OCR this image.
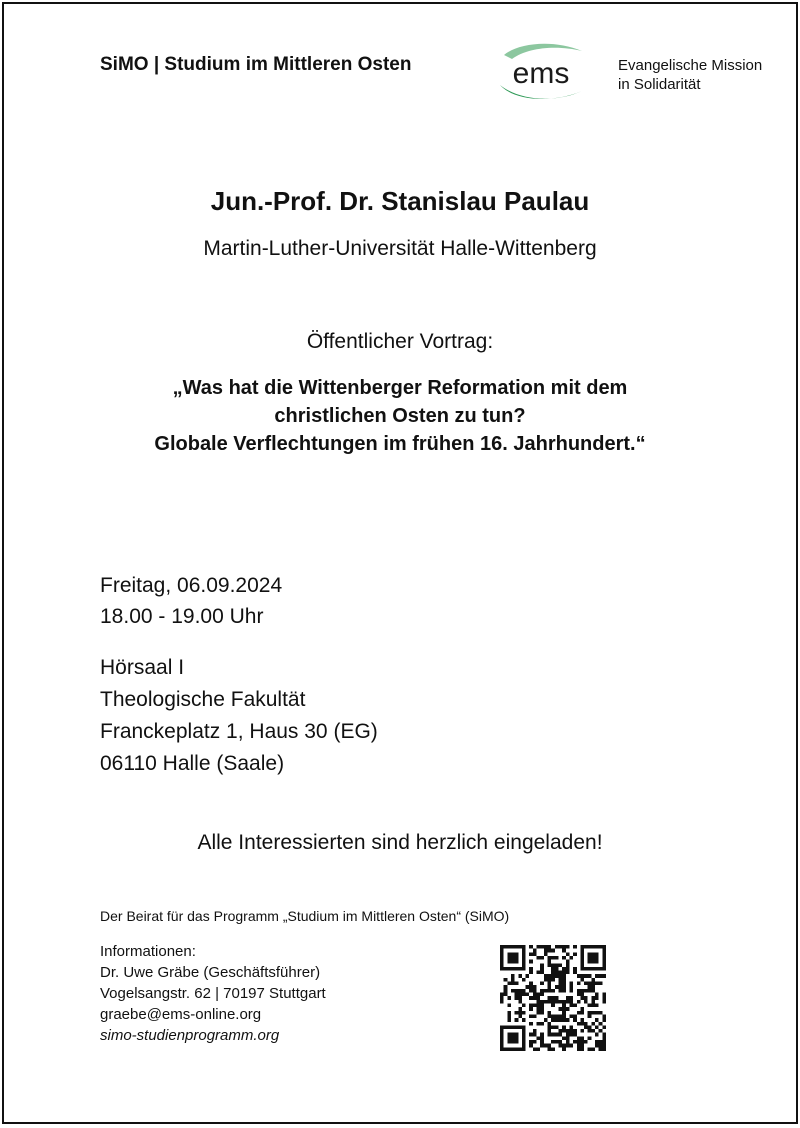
SiMO | Studium im Mittleren Osten	ems	Evangelische Mission
in Solidarität
Jun.-Prof. Dr. Stanislau Paulau
Martin-Luther-Universität Halle-Wittenberg
Öffentlicher Vortrag:
„Was hat die Wittenberger Reformation mit dem
christlichen Osten zu tun?
Globale Verflechtungen im frühen 16. Jahrhundert.“
Freitag, 06.09.2024
18.00 - 19.00 Uhr
Hörsaal I
Theologische Fakultät
Franckeplatz 1, Haus 30 (EG)
06110 Halle (Saale)
Alle Interessierten sind herzlich eingeladen!
Der Beirat für das Programm „Studium im Mittleren Osten“ (SiMO)
Informationen:
Dr. Uwe Gräbe (Geschäftsführer)
Vogelsangstr. 62 | 70197 Stuttgart
graebe@ems-online.org
simo-studienprogramm.org
